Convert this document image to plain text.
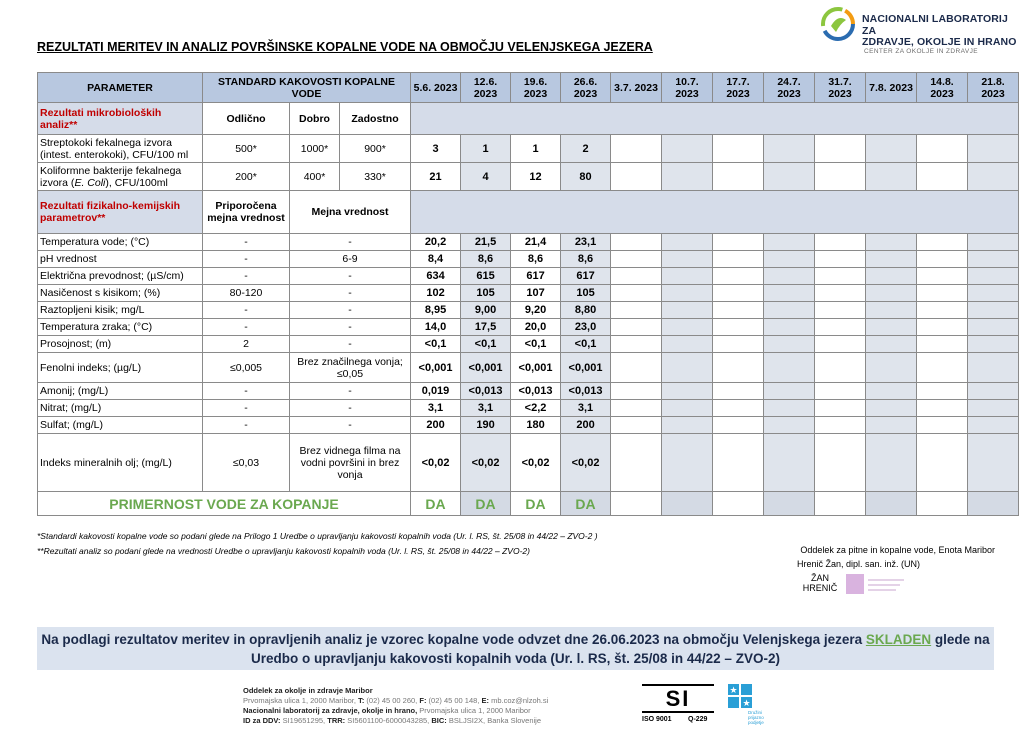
NACIONALNI LABORATORIJ ZA
ZDRAVJE, OKOLJE IN HRANO
CENTER ZA OKOLJE IN ZDRAVJE
REZULTATI MERITEV IN ANALIZ POVRŠINSKE KOPALNE VODE NA OBMOČJU VELENJSKEGA JEZERA
PARAMETER	STANDARD KAKOVOSTI KOPALNE VODE			5.6. 2023	12.6. 2023	19.6. 2023	26.6. 2023	3.7. 2023	10.7. 2023	17.7. 2023	24.7. 2023	31.7. 2023	7.8. 2023	14.8. 2023	21.8. 2023
Rezultati mikrobioloških analiz**	Odlično	Dobro	Zadostno												
Streptokoki fekalnega izvora (intest. enterokoki), CFU/100 ml	500*	1000*	900*	3	1	1	2								
Koliformne bakterije fekalnega izvora (E. Coli), CFU/100ml	200*	400*	330*	21	4	12	80								
Rezultati fizikalno-kemijskih parametrov**	Priporočena mejna vrednost	Mejna vrednost													
Temperatura vode; (°C)	-	-		20,2	21,5	21,4	23,1								
pH vrednost	-	6-9		8,4	8,6	8,6	8,6								
Električna prevodnost; (µS/cm)	-	-		634	615	617	617								
Nasičenost s kisikom; (%)	80-120	-		102	105	107	105								
Raztopljeni kisik; mg/L	-	-		8,95	9,00	9,20	8,80								
Temperatura zraka; (°C)	-	-		14,0	17,5	20,0	23,0								
Prosojnost; (m)	2	-		<0,1	<0,1	<0,1	<0,1								
Fenolni indeks; (µg/L)	≤0,005	Brez značilnega vonja; ≤0,05		<0,001	<0,001	<0,001	<0,001								
Amonij; (mg/L)	-	-		0,019	<0,013	<0,013	<0,013								
Nitrat; (mg/L)	-	-		3,1	3,1	<2,2	3,1								
Sulfat; (mg/L)	-	-		200	190	180	200								
Indeks mineralnih olj; (mg/L)	≤0,03	Brez vidnega filma na vodni površini in brez vonja		<0,02	<0,02	<0,02	<0,02								
PRIMERNOST VODE ZA KOPANJE				DA	DA	DA	DA								
*Standardi kakovosti kopalne vode so podani glede na Prilogo 1 Uredbe o upravljanju kakovosti kopalnih voda (Ur. l. RS, št. 25/08 in 44/22 – ZVO-2 )
**Rezultati analiz so podani glede na vrednosti Uredbe o upravljanju kakovosti kopalnih voda (Ur. l. RS, št. 25/08 in 44/22 – ZVO-2)	Oddelek za pitne in kopalne vode, Enota Maribor
Hrenič Žan, dipl. san. inž. (UN)
ŽAN
HRENIČ
Na podlagi rezultatov meritev in opravljenih analiz je vzorec kopalne vode odvzet dne 26.06.2023 na območju Velenjskega jezera SKLADEN glede na Uredbo o upravljanju kakovosti kopalnih voda (Ur. l. RS, št. 25/08 in 44/22 – ZVO-2)
Oddelek za okolje in zdravje Maribor
Prvomajska ulica 1, 2000 Maribor, T: (02) 45 00 260, F: (02) 45 00 148, E: mb.coz@nlzoh.si
Nacionalni laboratorij za zdravje, okolje in hrano, Prvomajska ulica 1, 2000 Maribor
ID za DDV: SI19651295, TRR: SI5601100-6000043285, BIC: BSLJSI2X, Banka Slovenije
SI
ISO 9001 Q-229
★
★
Družini
prijazno
podjetje
